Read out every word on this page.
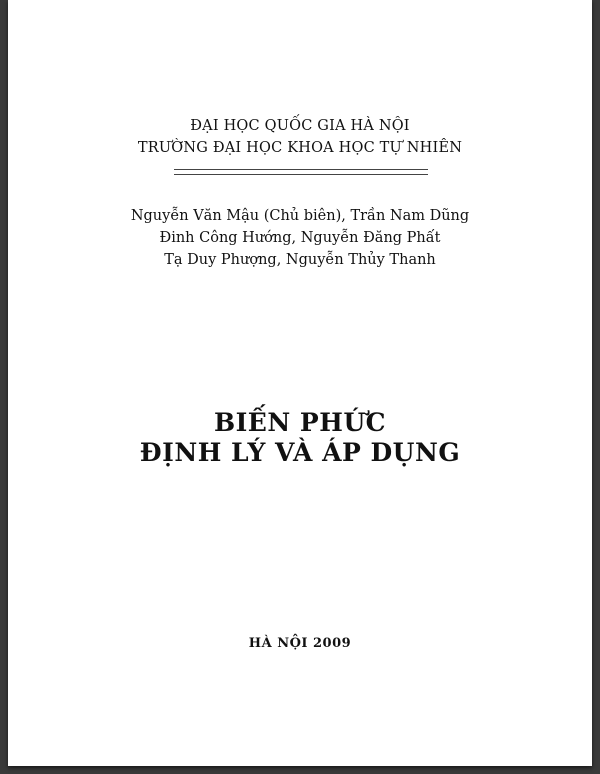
ĐẠI HỌC QUỐC GIA HÀ NỘI
TRƯỜNG ĐẠI HỌC KHOA HỌC TỰ NHIÊN
Nguyễn Văn Mậu (Chủ biên), Trần Nam Dũng
Đinh Công Hướng, Nguyễn Đăng Phất
Tạ Duy Phượng, Nguyễn Thủy Thanh
BIẾN PHỨC
ĐỊNH LÝ VÀ ÁP DỤNG
HÀ NỘI 2009
